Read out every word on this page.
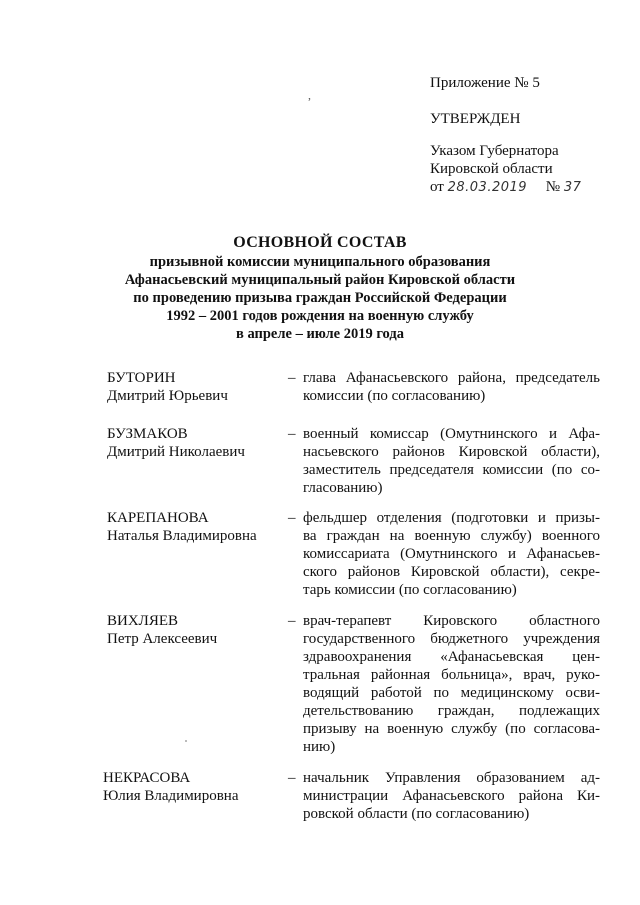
,
Приложение № 5
УТВЕРЖДЕН
Указом Губернатора
Кировской области
от 28.03.2019 № 37
ОСНОВНОЙ СОСТАВ
призывной комиссии муниципального образования
Афанасьевский муниципальный район Кировской области
по проведению призыва граждан Российской Федерации
1992 – 2001 годов рождения на военную службу
в апреле – июле 2019 года
БУТОРИН
Дмитрий Юрьевич
– глава Афанасьевского района, председатель
комиссии (по согласованию)
БУЗМАКОВ
Дмитрий Николаевич
– военный комиссар (Омутнинского и Афа-
насьевского районов Кировской области),
заместитель председателя комиссии (по со-
гласованию)
КАРЕПАНОВА
Наталья Владимировна
– фельдшер отделения (подготовки и призы-
ва граждан на военную службу) военного
комиссариата (Омутнинского и Афанасьев-
ского районов Кировской области), секре-
тарь комиссии (по согласованию)
ВИХЛЯЕВ
Петр Алексеевич
– врач-терапевт Кировского областного
государственного бюджетного учреждения
здравоохранения «Афанасьевская цен-
тральная районная больница», врач, руко-
водящий работой по медицинскому осви-
детельствованию граждан, подлежащих
призыву на военную службу (по согласова-
нию)
НЕКРАСОВА
Юлия Владимировна
– начальник Управления образованием ад-
министрации Афанасьевского района Ки-
ровской области (по согласованию)
